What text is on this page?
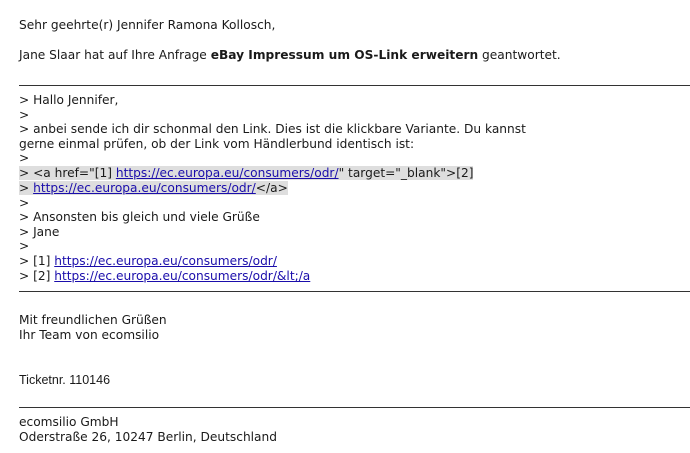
Sehr geehrte(r) Jennifer Ramona Kollosch,
Jane Slaar hat auf Ihre Anfrage eBay Impressum um OS-Link erweitern geantwortet.
> Hallo Jennifer,
>
> anbei sende ich dir schonmal den Link. Dies ist die klickbare Variante. Du kannst
gerne einmal prüfen, ob der Link vom Händlerbund identisch ist:
>
> <a href="[1] https://ec.europa.eu/consumers/odr/" target="_blank">[2]
> https://ec.europa.eu/consumers/odr/</a>
>
> Ansonsten bis gleich und viele Grüße
> Jane
>
> [1] https://ec.europa.eu/consumers/odr/
> [2] https://ec.europa.eu/consumers/odr/&lt;/a
Mit freundlichen Grüßen
Ihr Team von ecomsilio
Ticketnr. 110146
ecomsilio GmbH
Oderstraße 26, 10247 Berlin, Deutschland
